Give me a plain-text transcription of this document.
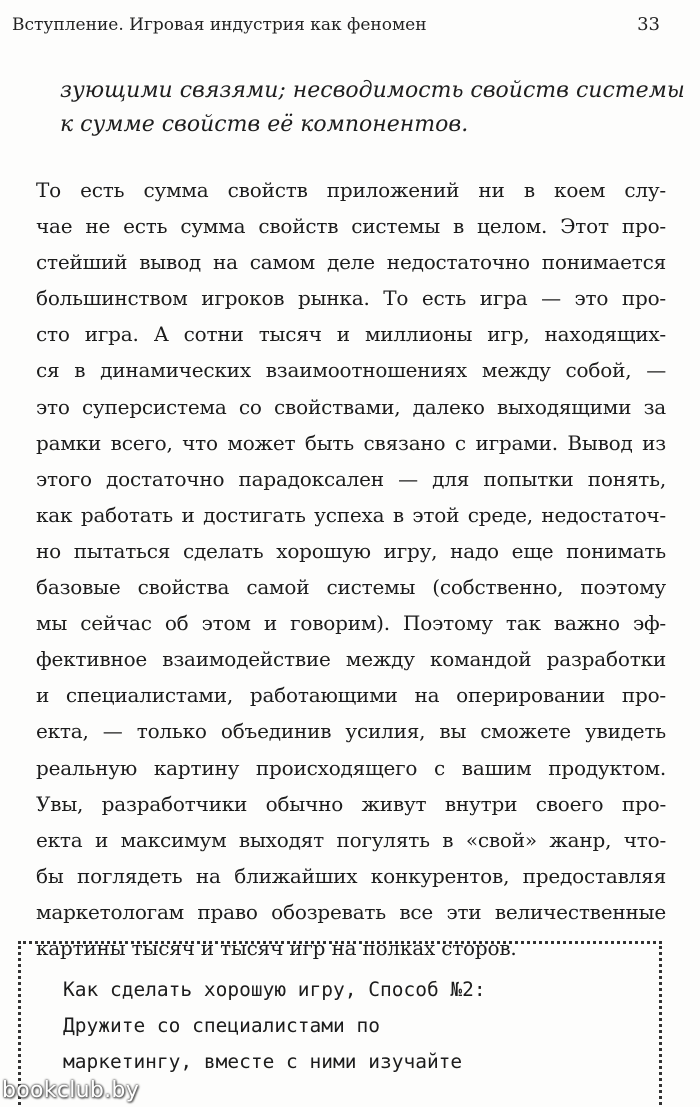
Вступление. Игровая индустрия как феномен	33
зующими связями; несводимость свойств системы
к сумме свойств её компонентов.
То есть сумма свойств приложений ни в коем слу-
чае не есть сумма свойств системы в целом. Этот про-
стейший вывод на самом деле недостаточно понимается
большинством игроков рынка. То есть игра — это про-
сто игра. А сотни тысяч и миллионы игр, находящих-
ся в динамических взаимоотношениях между собой, —
это суперсистема со свойствами, далеко выходящими за
рамки всего, что может быть связано с играми. Вывод из
этого достаточно парадоксален — для попытки понять,
как работать и достигать успеха в этой среде, недостаточ-
но пытаться сделать хорошую игру, надо еще понимать
базовые свойства самой системы (собственно, поэтому
мы сейчас об этом и говорим). Поэтому так важно эф-
фективное взаимодействие между командой разработки
и специалистами, работающими на оперировании про-
екта, — только объединив усилия, вы сможете увидеть
реальную картину происходящего с вашим продуктом.
Увы, разработчики обычно живут внутри своего про-
екта и максимум выходят погулять в «свой» жанр, что-
бы поглядеть на ближайших конкурентов, предоставляя
маркетологам право обозревать все эти величественные
картины тысяч и тысяч игр на полках сторов.
Как сделать хорошую игру, Способ №2:
Дружите со специалистами по
маркетингу, вместе с ними изучайте
bookclub.by
